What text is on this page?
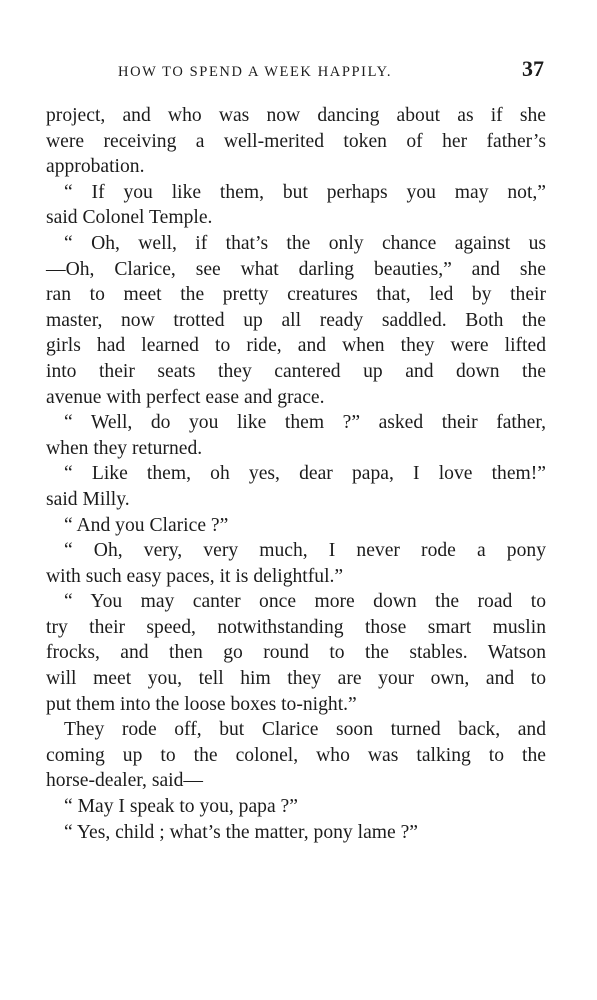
HOW TO SPEND A WEEK HAPPILY.	37
project, and who was now dancing about as if she
were receiving a well-merited token of her father’s
approbation.
“ If you like them, but perhaps you may not,”
said Colonel Temple.
“ Oh, well, if that’s the only chance against us
—Oh, Clarice, see what darling beauties,” and she
ran to meet the pretty creatures that, led by their
master, now trotted up all ready saddled. Both the
girls had learned to ride, and when they were lifted
into their seats they cantered up and down the
avenue with perfect ease and grace.
“ Well, do you like them ?” asked their father,
when they returned.
“ Like them, oh yes, dear papa, I love them!”
said Milly.
“ And you Clarice ?”
“ Oh, very, very much, I never rode a pony
with such easy paces, it is delightful.”
“ You may canter once more down the road to
try their speed, notwithstanding those smart muslin
frocks, and then go round to the stables. Watson
will meet you, tell him they are your own, and to
put them into the loose boxes to-night.”
They rode off, but Clarice soon turned back, and
coming up to the colonel, who was talking to the
horse-dealer, said—
“ May I speak to you, papa ?”
“ Yes, child ; what’s the matter, pony lame ?”
